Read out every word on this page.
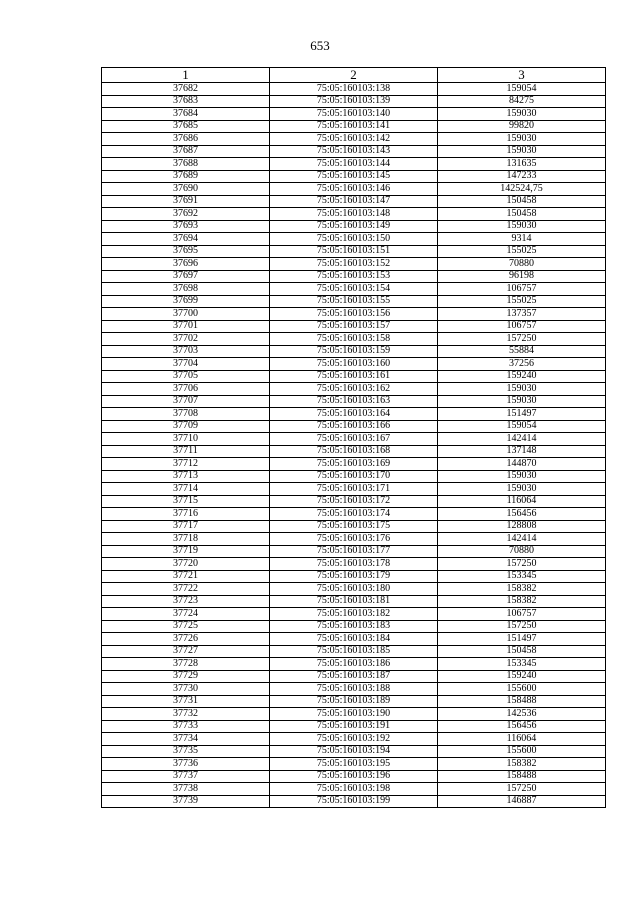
653
1	2	3
37682	75:05:160103:138	159054
37683	75:05:160103:139	84275
37684	75:05:160103:140	159030
37685	75:05:160103:141	99820
37686	75:05:160103:142	159030
37687	75:05:160103:143	159030
37688	75:05:160103:144	131635
37689	75:05:160103:145	147233
37690	75:05:160103:146	142524,75
37691	75:05:160103:147	150458
37692	75:05:160103:148	150458
37693	75:05:160103:149	159030
37694	75:05:160103:150	9314
37695	75:05:160103:151	155025
37696	75:05:160103:152	70880
37697	75:05:160103:153	96198
37698	75:05:160103:154	106757
37699	75:05:160103:155	155025
37700	75:05:160103:156	137357
37701	75:05:160103:157	106757
37702	75:05:160103:158	157250
37703	75:05:160103:159	55884
37704	75:05:160103:160	37256
37705	75:05:160103:161	159240
37706	75:05:160103:162	159030
37707	75:05:160103:163	159030
37708	75:05:160103:164	151497
37709	75:05:160103:166	159054
37710	75:05:160103:167	142414
37711	75:05:160103:168	137148
37712	75:05:160103:169	144870
37713	75:05:160103:170	159030
37714	75:05:160103:171	159030
37715	75:05:160103:172	116064
37716	75:05:160103:174	156456
37717	75:05:160103:175	128808
37718	75:05:160103:176	142414
37719	75:05:160103:177	70880
37720	75:05:160103:178	157250
37721	75:05:160103:179	153345
37722	75:05:160103:180	158382
37723	75:05:160103:181	158382
37724	75:05:160103:182	106757
37725	75:05:160103:183	157250
37726	75:05:160103:184	151497
37727	75:05:160103:185	150458
37728	75:05:160103:186	153345
37729	75:05:160103:187	159240
37730	75:05:160103:188	155600
37731	75:05:160103:189	158488
37732	75:05:160103:190	142536
37733	75:05:160103:191	156456
37734	75:05:160103:192	116064
37735	75:05:160103:194	155600
37736	75:05:160103:195	158382
37737	75:05:160103:196	158488
37738	75:05:160103:198	157250
37739	75:05:160103:199	146887
